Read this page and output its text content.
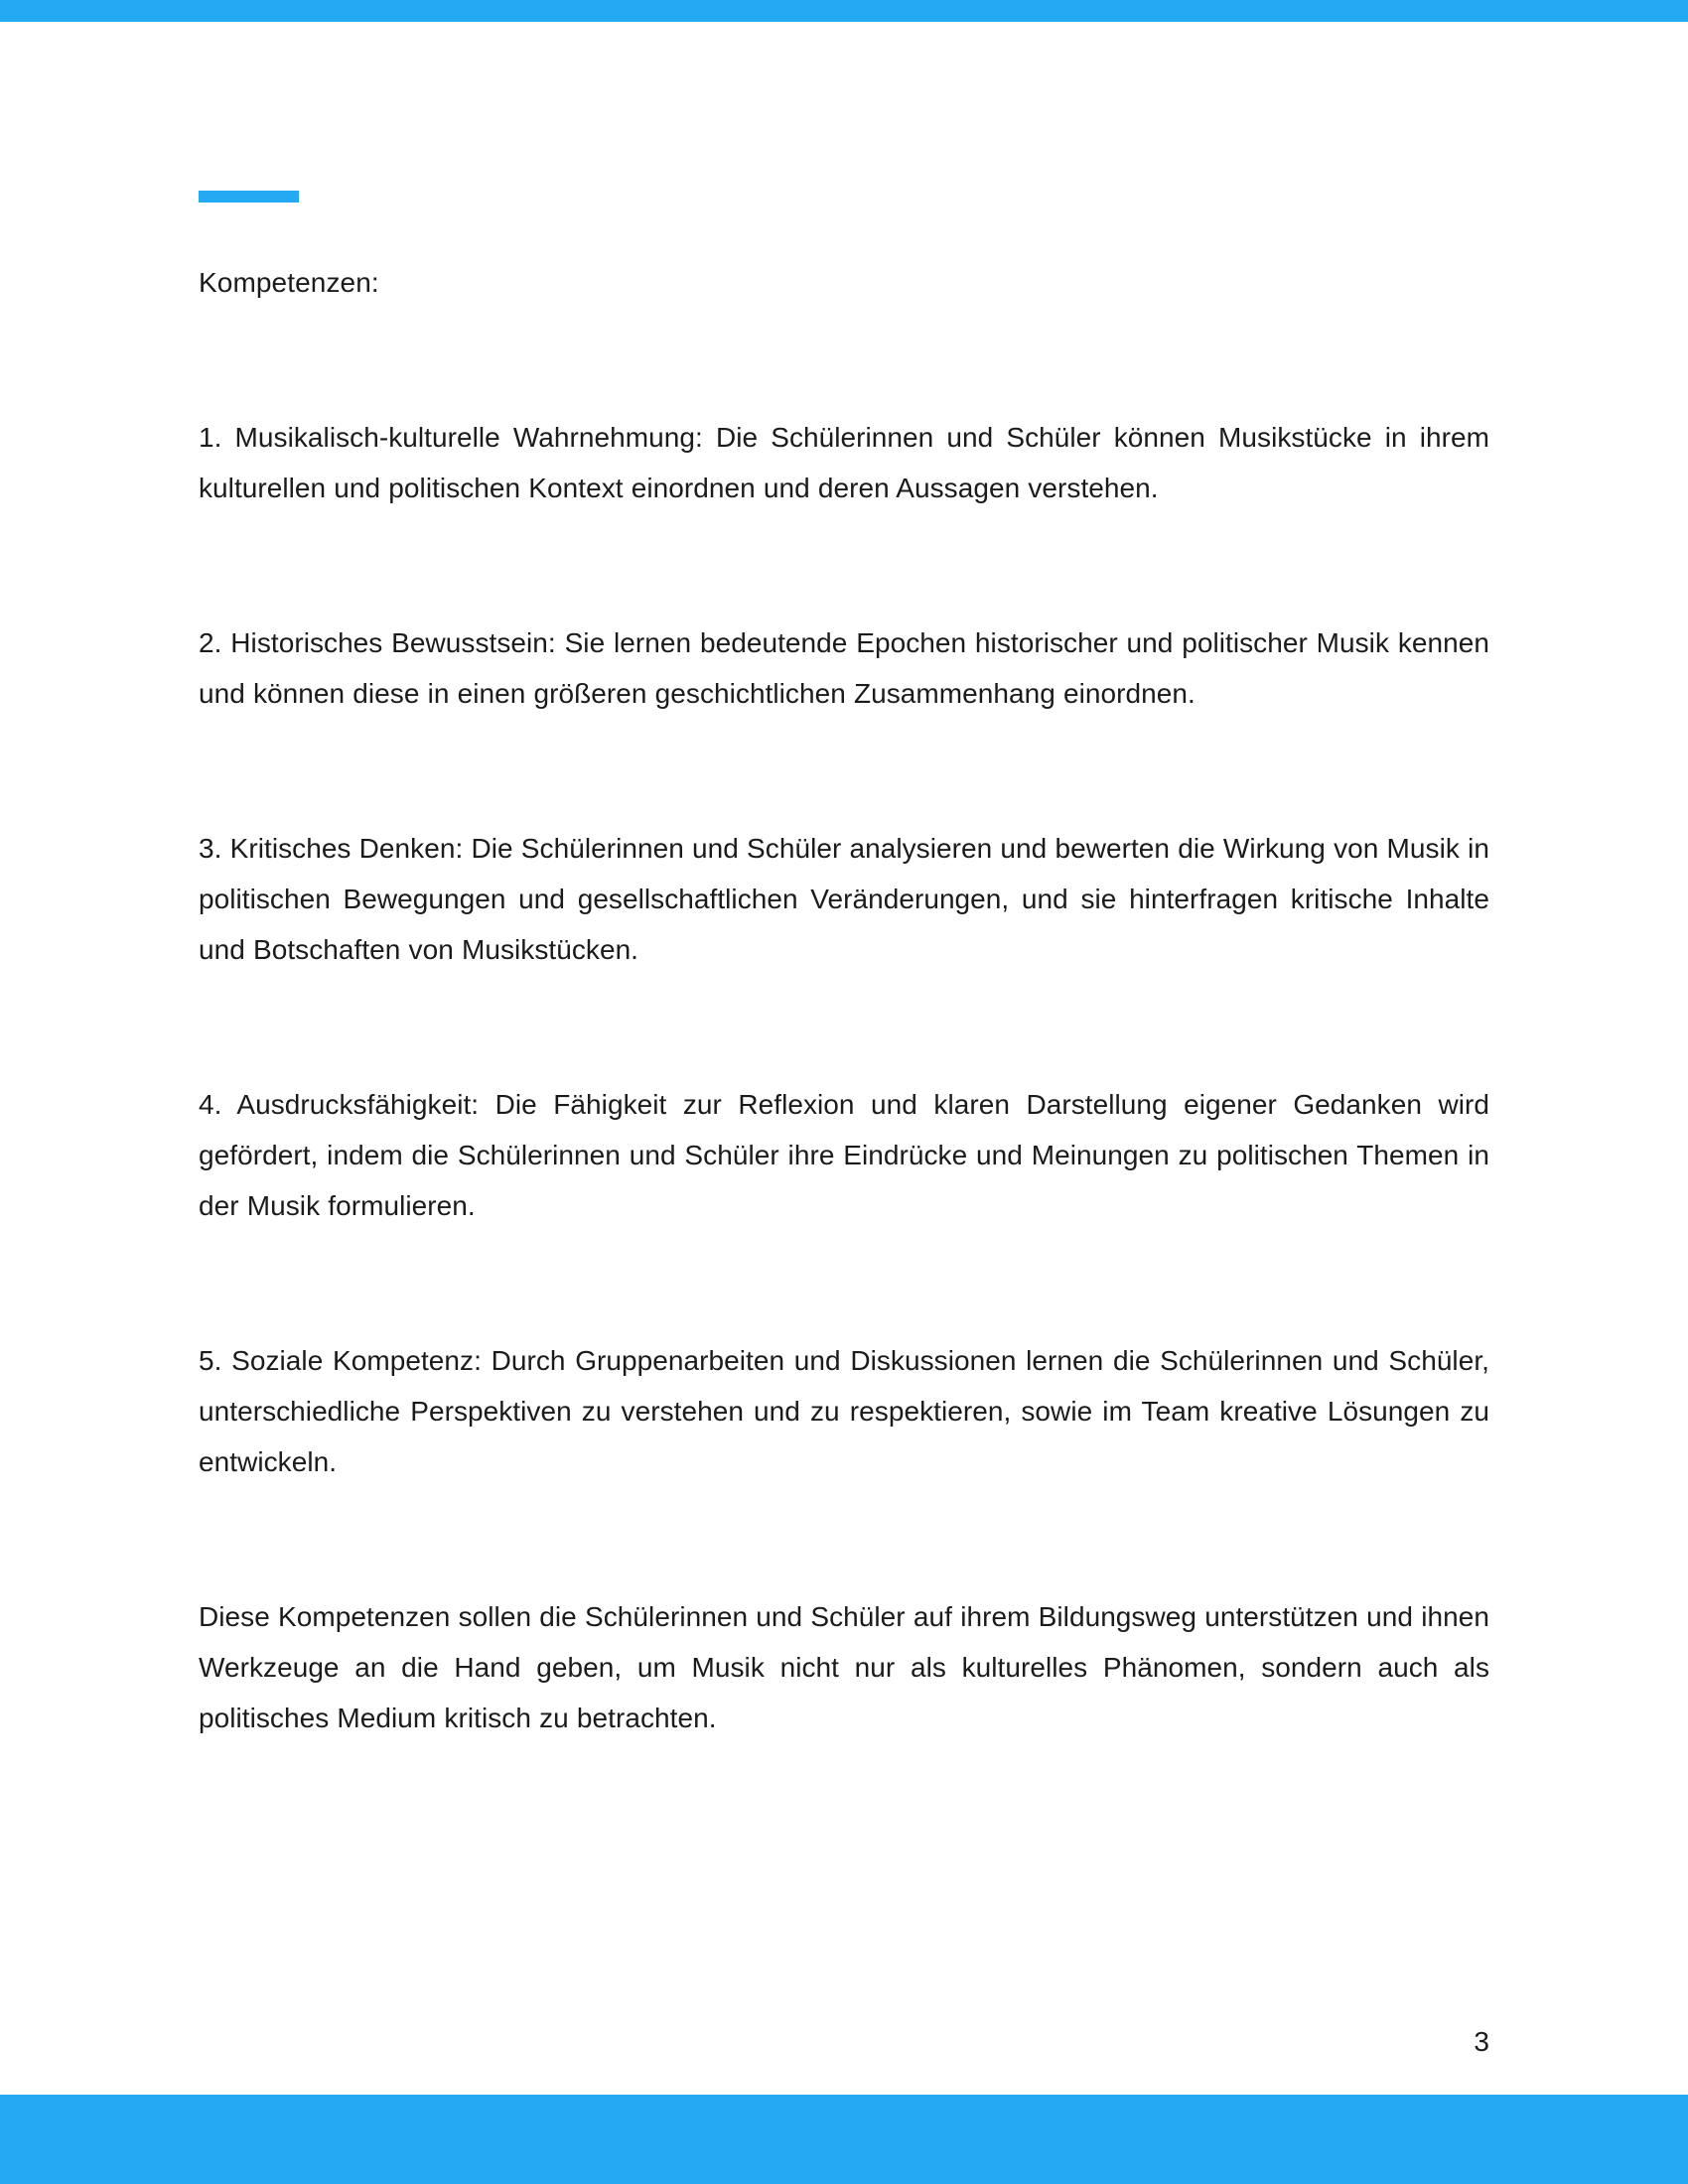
Kompetenzen:

1. Musikalisch-kulturelle Wahrnehmung: Die Schülerinnen und Schüler können Musikstücke in ihrem kulturellen und politischen Kontext einordnen und deren Aussagen verstehen.

2. Historisches Bewusstsein: Sie lernen bedeutende Epochen historischer und politischer Musik kennen und können diese in einen größeren geschichtlichen Zusammenhang einordnen.

3. Kritisches Denken: Die Schülerinnen und Schüler analysieren und bewerten die Wirkung von Musik in politischen Bewegungen und gesellschaftlichen Veränderungen, und sie hinterfragen kritische Inhalte und Botschaften von Musikstücken.

4. Ausdrucksfähigkeit: Die Fähigkeit zur Reflexion und klaren Darstellung eigener Gedanken wird gefördert, indem die Schülerinnen und Schüler ihre Eindrücke und Meinungen zu politischen Themen in der Musik formulieren.

5. Soziale Kompetenz: Durch Gruppenarbeiten und Diskussionen lernen die Schülerinnen und Schüler, unterschiedliche Perspektiven zu verstehen und zu respektieren, sowie im Team kreative Lösungen zu entwickeln.

Diese Kompetenzen sollen die Schülerinnen und Schüler auf ihrem Bildungsweg unterstützen und ihnen Werkzeuge an die Hand geben, um Musik nicht nur als kulturelles Phänomen, sondern auch als politisches Medium kritisch zu betrachten.

3
